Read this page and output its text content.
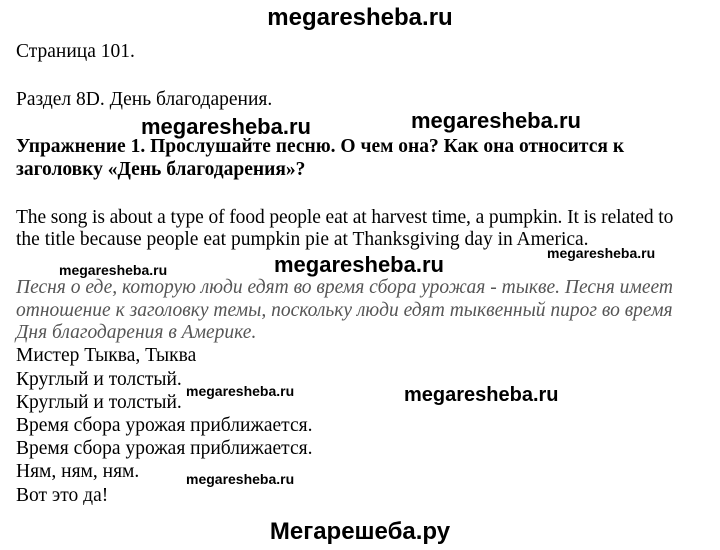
megaresheba.ru
Страница 101.
Раздел 8D. День благодарения.
megaresheba.ru	megaresheba.ru
Упражнение 1. Прослушайте песню. О чем она? Как она относится к
заголовку «День благодарения»?
The song is about a type of food people eat at harvest time, a pumpkin. It is related to
the title because people eat pumpkin pie at Thanksgiving day in America.
megaresheba.ru	megaresheba.ru	megaresheba.ru
Песня о еде, которую люди едят во время сбора урожая - тыкве. Песня имеет
отношение к заголовку темы, поскольку люди едят тыквенный пирог во время
Дня благодарения в Америке.
Мистер Тыква, Тыква
Круглый и толстый.
Круглый и толстый.
Время сбора урожая приближается.
Время сбора урожая приближается.
Ням, ням, ням.
Вот это да!
megaresheba.ru	megaresheba.ru
megaresheba.ru
Мегарешеба.ру
